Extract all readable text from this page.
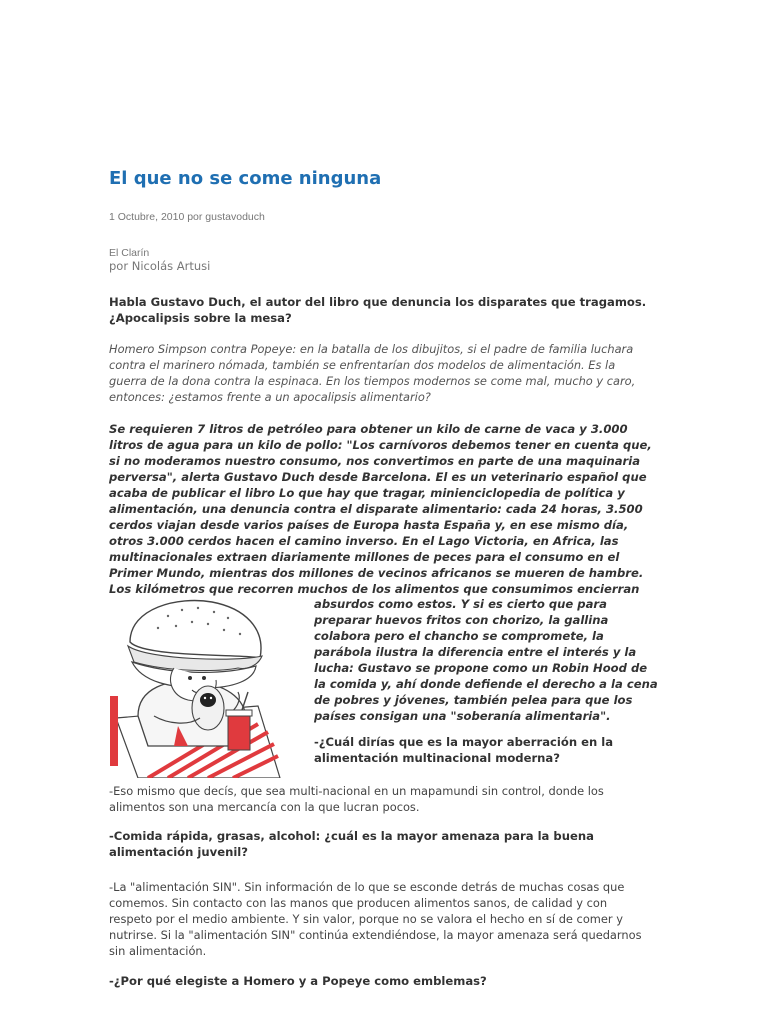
El que no se come ninguna
1 Octubre, 2010 por gustavoduch
El Clarín
por Nicolás Artusi

Habla Gustavo Duch, el autor del libro que denuncia los disparates que tragamos.
¿Apocalipsis sobre la mesa?

Homero Simpson contra Popeye: en la batalla de los dibujitos, si el padre de familia luchara
contra el marinero nómada, también se enfrentarían dos modelos de alimentación. Es la
guerra de la dona contra la espinaca. En los tiempos modernos se come mal, mucho y caro,
entonces: ¿estamos frente a un apocalipsis alimentario?

Se requieren 7 litros de petróleo para obtener un kilo de carne de vaca y 3.000
litros de agua para un kilo de pollo: "Los carnívoros debemos tener en cuenta que,
si no moderamos nuestro consumo, nos convertimos en parte de una maquinaria
perversa", alerta Gustavo Duch desde Barcelona. El es un veterinario español que
acaba de publicar el libro Lo que hay que tragar, minienciclopedia de política y
alimentación, una denuncia contra el disparate alimentario: cada 24 horas, 3.500
cerdos viajan desde varios países de Europa hasta España y, en ese mismo día,
otros 3.000 cerdos hacen el camino inverso. En el Lago Victoria, en Africa, las
multinacionales extraen diariamente millones de peces para el consumo en el
Primer Mundo, mientras dos millones de vecinos africanos se mueren de hambre.
Los kilómetros que recorren muchos de los alimentos que consumimos encierran

absurdos como estos. Y si es cierto que para
preparar huevos fritos con chorizo, la gallina
colabora pero el chancho se compromete, la
parábola ilustra la diferencia entre el interés y la
lucha: Gustavo se propone como un Robin Hood de
la comida y, ahí donde defiende el derecho a la cena
de pobres y jóvenes, también pelea para que los
países consigan una "soberanía alimentaria".

-¿Cuál dirías que es la mayor aberración en la
alimentación multinacional moderna?

-Eso mismo que decís, que sea multi-nacional en un mapamundi sin control, donde los
alimentos son una mercancía con la que lucran pocos.

-Comida rápida, grasas, alcohol: ¿cuál es la mayor amenaza para la buena
alimentación juvenil?

-La "alimentación SIN". Sin información de lo que se esconde detrás de muchas cosas que
comemos. Sin contacto con las manos que producen alimentos sanos, de calidad y con
respeto por el medio ambiente. Y sin valor, porque no se valora el hecho en sí de comer y
nutrirse. Si la "alimentación SIN" continúa extendiéndose, la mayor amenaza será quedarnos
sin alimentación.

-¿Por qué elegiste a Homero y a Popeye como emblemas?
